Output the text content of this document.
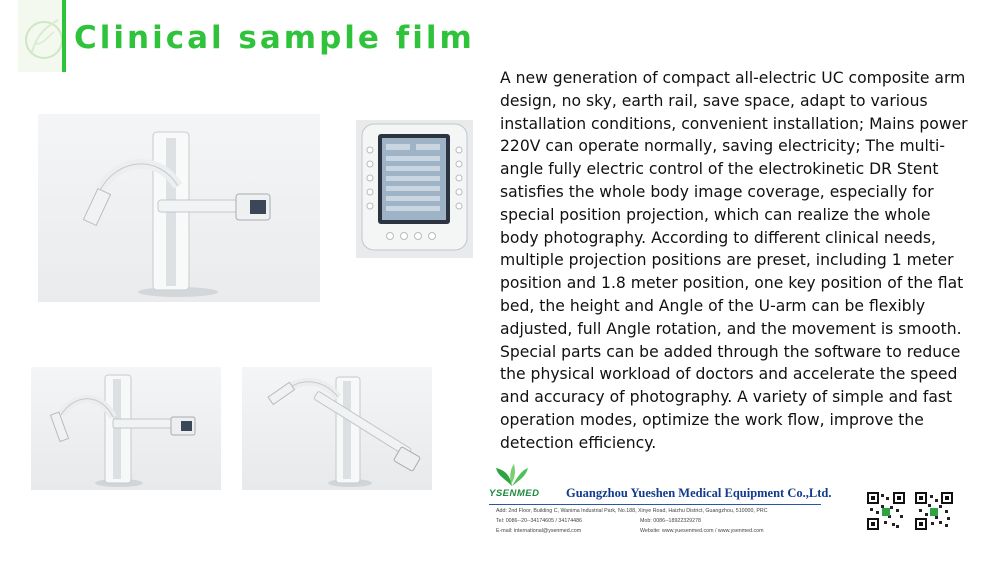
Clinical sample film
A new generation of compact all-electric UC composite arm design, no sky, earth rail, save space, adapt to various installation conditions, convenient installation; Mains power 220V can operate normally, saving electricity; The multi-angle fully electric control of the electrokinetic DR Stent satisfies the whole body image coverage, especially for special position projection, which can realize the whole body photography. According to different clinical needs, multiple projection positions are preset, including 1 meter position and 1.8 meter position, one key position of the flat bed, the height and Angle of the U-arm can be flexibly adjusted, full Angle rotation, and the movement is smooth. Special parts can be added through the software to reduce the physical workload of doctors and accelerate the speed and accuracy of photography. A variety of simple and fast operation modes, optimize the work flow, improve the detection efficiency.
YSENMED Guangzhou Yueshen Medical Equipment Co.,Ltd.
Add: 2nd Floor, Building C, Wanima Industrial Park, No.188, Xinye Road, Haizhu District, Guangzhou, 510000, PRC
Tel: 0086--20--34174605 / 34174486	Mob: 0086--18922329278
E-mail: international@ysenmed.com	Website: www.yuesenmed.com / www.ysenmed.com
